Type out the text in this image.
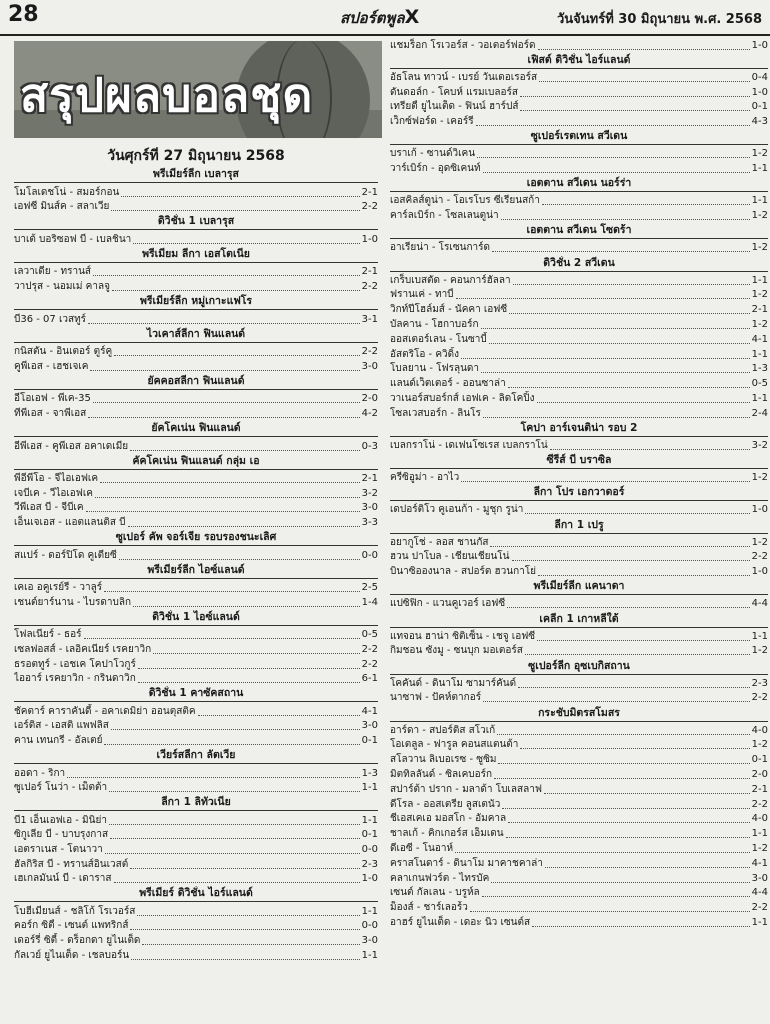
28	สปอร์ตพูลX	วันจันทร์ที่ 30 มิถุนายน พ.ศ. 2568
สรุปผลบอลชุด
วันศุกร์ที่ 27 มิถุนายน 2568
พรีเมียร์ลีก เบลารุส
โมโลเดชโน่ - สมอร์กอน	2-1
เอฟซี มินส์ค - สลาเวีย	2-2
ดิวิชั่น 1 เบลารุส
บาเต้ บอริซอฟ บี - เบลชินา	1-0
พรีเมียม ลีกา เอสโตเนีย
เลวาเดีย - ทรานส์	2-1
วาปรุส - นอมเม่ คาลจู	2-2
พรีเมียร์ลีก หมู่เกาะแฟโร
บี36 - 07 เวสทูร์	3-1
ไวเคาส์ลีกา ฟินแลนด์
กนิสตัน - อินเตอร์ ตูร์คู	2-2
คูพีเอส - เฮชเจเค	3-0
ยัคคอสลีกา ฟินแลนด์
อีโอเอฟ - พีเค-35	2-0
ทีพีเอส - จาพีเอส	4-2
ยัคโคเน่น ฟินแลนด์
อีพีเอส - คูพีเอส อคาเดเมีย	0-3
คัคโคเน่น ฟินแลนด์ กลุ่ม เอ
พีอีพีโอ - จีไอเอฟเค	2-1
เจบีเค - วีไอเอฟเค	3-2
วีพีเอส บี - จีบีเค	3-0
เอ็นเจเอส - แอตแลนติส บี	3-3
ซูเปอร์ คัพ จอร์เจีย รอบรองชนะเลิศ
สแปร์ - ดอร์ปิโด คูเตียซี	0-0
พรีเมียร์ลีก ไอซ์แลนด์
เคเอ อคูเรย์รี่ - วาลูร์	2-5
เชนต์ยาร์นาน - ไบรดาบลิก	1-4
ดิวิชั่น 1 ไอซ์แลนด์
โฟลเนียร์ - ธอร์	0-5
เซลฟอสส์ - เลอิคเนียร์ เรคยาวิก	2-2
ธรอตทูร์ - เอชเค โคปาโวกูร์	2-2
ไออาร์ เรคยาวิก - กรินดาวิก	6-1
ดิวิชั่น 1 คาซัคสถาน
ชัคตาร์ คาราคันดี้ - อคาเดมิย่า ออนตุสติค	4-1
เอร์ติส - เอสติ แพฟลิส	3-0
คาน เทนกรี - อัลเตย์	0-1
เวียร์สลีกา ลัตเวีย
ออดา - ริกา	1-3
ซูเปอร์ โนว่า - เม็ตต้า	1-1
ลีกา 1 ลิทัวเนีย
บี1 เอ็นเอฟเอ - มินิย่า	1-1
ซิกูเลีย บี - บาบรุงกาส	0-1
เอตราเนส - โตนาวา	0-0
ฮัลกิริส บี - ทรานส์อินเวสต์	2-3
เฮเกลมันน์ บี - เดาราส	1-0
พรีเมียร์ ดิวิชั่น ไอร์แลนด์
โบฮีเมียนส์ - ชลิโก้ โรเวอร์ส	1-1
คอร์ก ซิตี้ - เซนต์ แพทริกส์	0-0
เดอร์รี่ ซิตี้ - ดร็อกดา ยูไนเต็ด	3-0
กัลเวย์ ยูไนเต็ด - เชลบอร์น	1-1
แชมร็อก โรเวอร์ส - วอเตอร์ฟอร์ด	1-0
เฟิสต์ ดิวิชั่น ไอร์แลนด์
อัธโลน ทาวน์ - เบรย์ วันเดอเรอร์ส	0-4
ดันดอล์ก - โคบห์ แรมเบลอร์ส	1-0
เทรียตี้ ยูไนเต็ด - ฟินน์ ฮาร์ปส์	0-1
เว็กซ์ฟอร์ด - เคอร์รี่	4-3
ซูเปอร์เรตเทน สวีเดน
บราเก้ - ซานด์วิเคน	1-2
วาร์เบิร์ก - อุดซิเคนท์	1-1
เอตตาน สวีเดน นอร์ร่า
เอสคิลส์ตูน่า - โอเรโบร ซีเรียนสก้า	1-1
คาร์ลเบิร์ก - โซลเลนตูน่า	1-2
เอตตาน สวีเดน โซดร้า
อาเรียน่า - โรเซนการ์ด	1-2
ดิวิชั่น 2 สวีเดน
เกร็บเบสตัด - คอนการ์ฮัลลา	1-1
ฟรานเค่ - ทาบี้	1-2
วิกท์ปีโฮล์มส์ - นัคคา เอฟซี	2-1
บัลคาน - โฮกาบอร์ก	1-2
ออสเตอร์เลน - โนซาบี้	4-1
อัสตริโอ - ควิดิ้ง	1-1
โบลยาน - โฟรลุนดา	1-3
แลนด์เว็ตเตอร์ - ออนซาล่า	0-5
วาเนอร์สบอร์กส์ เอฟเค - ลิดโคปิ้ง	1-1
โซลเวสบอร์ก - ลินโร	2-4
โคปา อาร์เจนติน่า รอบ 2
เบลกราโน่ - เดเฟนโซเรส เบลกราโน่	3-2
ซีรีส์ บี บราซิล
ครีซิอูม่า - อาไว	1-2
ลีกา โปร เอกวาดอร์
เดปอร์ติโว คูเอนก้า - มูชุก รูน่า	1-0
ลีกา 1 เปรู
อยากูโช่ - ลอส ชานกัส	1-2
ฮวน ปาโบล - เชียนเชียนโน่	2-2
บินาซิอองนาล - สปอร์ต ฮวนกาโย่	1-0
พรีเมียร์ลีก แคนาดา
แปซิฟิก - แวนคูเวอร์ เอฟซี	4-4
เคลีก 1 เกาหลีใต้
แทจอน ฮาน่า ซิติเซ็น - เชจู เอฟซี	1-1
กิมชอน ซังมู - ซนบุก มอเตอร์ส	1-2
ซูเปอร์ลีก อุซเบกิสถาน
โคคันด์ - ดินาโม ซามาร์คันด์	2-3
นาซาฟ - ปัคห์ตากอร์	2-2
กระชับมิตรสโมสร
อาร์ดา - สปอร์ติส สโวเก้	4-0
โอเตลูล - ฟารูล คอนสแตนต้า	1-2
สโลวาน ลิเบอเรซ - ซูซิม	0-1
มิตทิลลันด์ - ซิลเคบอร์ก	2-0
สปาร์ต้า ปราก - มลาด้า โบเลสลาฟ	2-1
ดีโรล - ออสเตรีย ลูสเตนัว	2-2
ชีเอสเคเอ มอสโก - อัมคาล	4-0
ชาลเก้ - คิกเกอร์ส เอ็มเดน	1-1
ดีเอซี - โนอาห์	1-2
คราสโนดาร์ - ดินาโม มาคาชคาล่า	4-1
คลาเกนฟวร์ต - ไทรบัค	3-0
เซนต์ กัลเลน - บรูห์ล	4-4
ม็องส์ - ชาร์เลอร์ัว	2-2
อาฮร์ ยูไนเต็ด - เดอะ นิว เซนต์ส	1-1
